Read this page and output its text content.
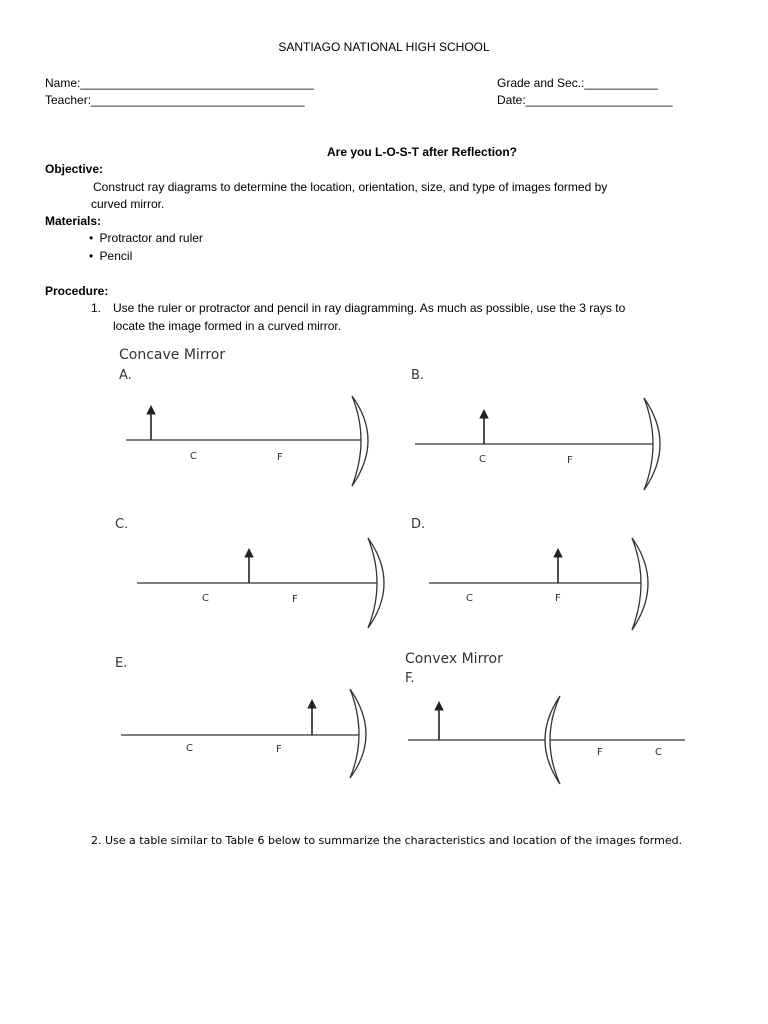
SANTIAGO NATIONAL HIGH SCHOOL
Name:___________________________________	Grade and Sec.:___________
Teacher:________________________________	Date:______________________
Are you L-O-S-T after Reflection?
Objective:
Construct ray diagrams to determine the location, orientation, size, and type of images formed by
curved mirror.
Materials:
• Protractor and ruler
• Pencil
Procedure:
1. Use the ruler or protractor and pencil in ray diagramming. As much as possible, use the 3 rays to
locate the image formed in a curved mirror.
Concave Mirror
A.	B.
C.	D.
E.	Convex Mirror
F.
C	F	C	F
C	F	C	F
C	F	F	C
2. Use a table similar to Table 6 below to summarize the characteristics and location of the images formed.
